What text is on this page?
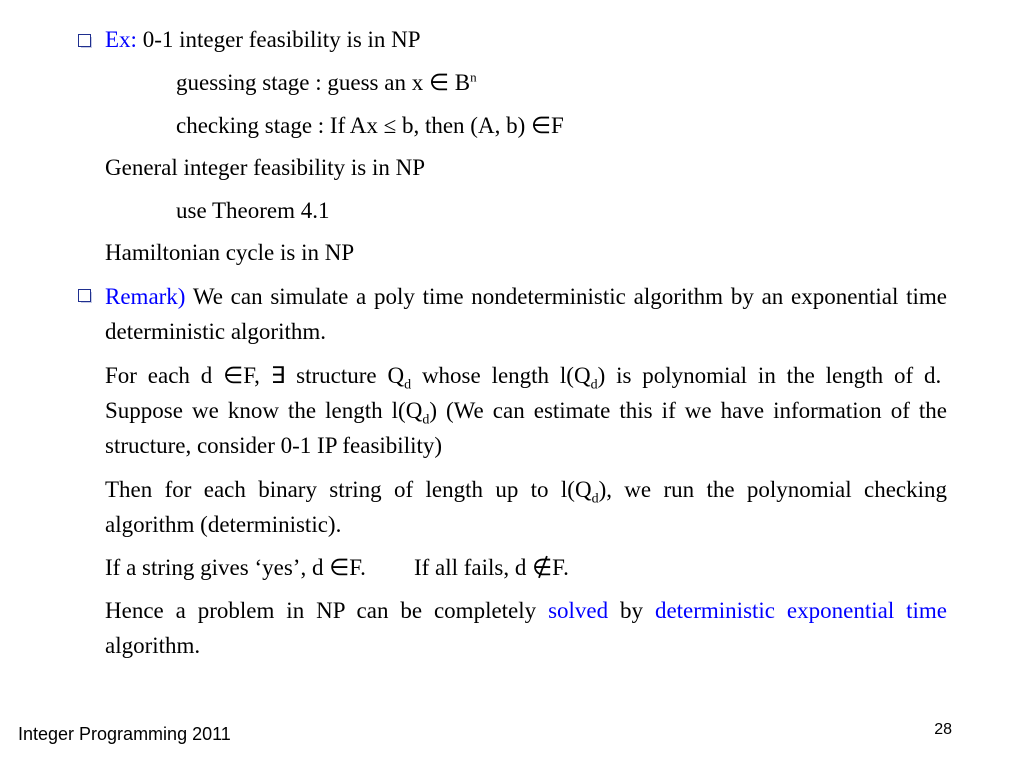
Ex: 0-1 integer feasibility is in NP
guessing stage : guess an x ∈ $B^n$
checking stage : If Ax ≤ b, then (A, b) ∈F
General integer feasibility is in NP
use Theorem 4.1
Hamiltonian cycle is in NP
Remark) We can simulate a poly time nondeterministic algorithm by an exponential time deterministic algorithm.
For each d ∈F, ∃ structure $Q_d$ whose length $l(Q_d)$ is polynomial in the length of d.  Suppose we know the length $l(Q_d)$ (We can estimate this if we have information of the structure, consider 0-1 IP feasibility)
Then for each binary string of length up to $l(Q_d)$, we run the polynomial checking algorithm (deterministic).
If a string gives ‘yes’, d ∈F. If all fails, d ∉F.
Hence a problem in NP can be completely solved by deterministic exponential time algorithm.
Integer Programming 2011	28
